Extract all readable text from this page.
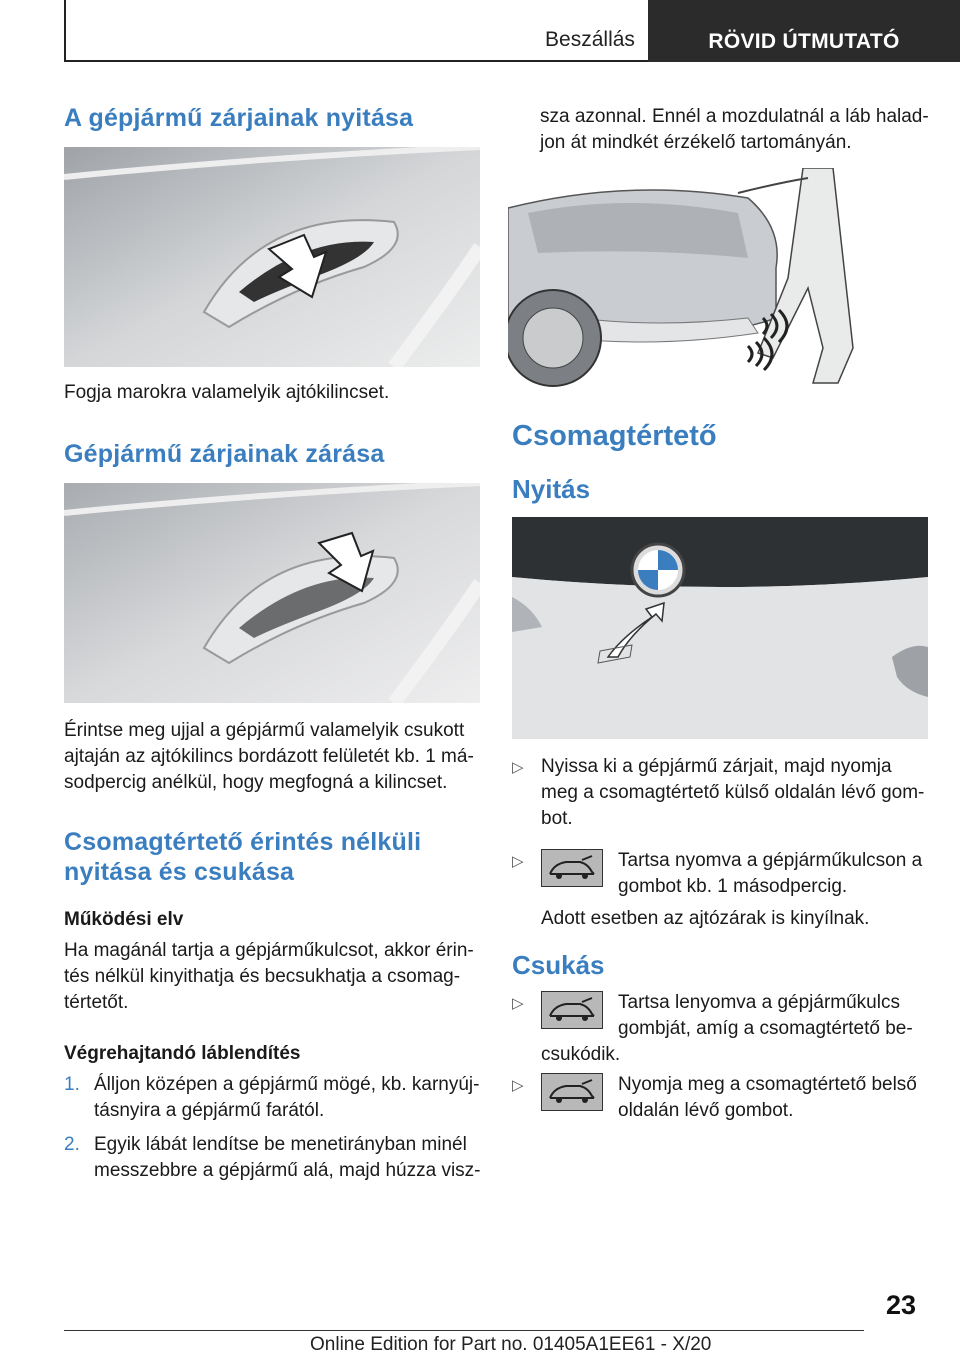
Beszállás	RÖVID ÚTMUTATÓ
A gépjármű zárjainak nyitása
Fogja marokra valamelyik ajtókilincset.
Gépjármű zárjainak zárása
Érintse meg ujjal a gépjármű valamelyik csukott
ajtaján az ajtókilincs bordázott felületét kb. 1 má‐
sodpercig anélkül, hogy megfogná a kilincset.
Csomagtértető érintés nélküli
nyitása és csukása
Működési elv
Ha magánál tartja a gépjárműkulcsot, akkor érin‐
tés nélkül kinyithatja és becsukhatja a csomag‐
tértetőt.
Végrehajtandó láblendítés
1. Álljon középen a gépjármű mögé, kb. karnyúj‐
tásnyira a gépjármű farától.
2. Egyik lábát lendítse be menetirányban minél
messzebbre a gépjármű alá, majd húzza visz‐
sza azonnal. Ennél a mozdulatnál a láb halad‐
jon át mindkét érzékelő tartományán.
Csomagtértető
Nyitás
▷ Nyissa ki a gépjármű zárjait, majd nyomja
meg a csomagtértető külső oldalán lévő gom‐
bot.
▷	Tartsa nyomva a gépjárműkulcson a
gombot kb. 1 másodpercig.
Adott esetben az ajtózárak is kinyílnak.
Csukás
▷	Tartsa lenyomva a gépjárműkulcs
gombját, amíg a csomagtértető be‐
csukódik.
▷	Nyomja meg a csomagtértető belső
oldalán lévő gombot.
23
Online Edition for Part no. 01405A1EE61 - X/20
